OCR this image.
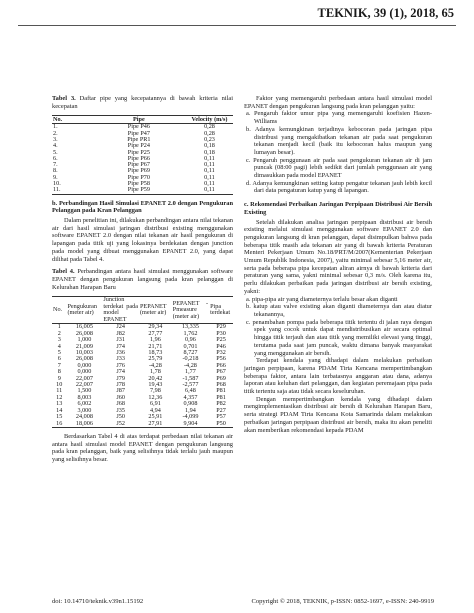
TEKNIK, 39 (1), 2018, 65
Tabel 3. Daftar pipe yang kecepatannya di bawah kriteria nilai kecepatan
No.	Pipe	Velocity (m/s)
1.	Pipe P46	0,28
2.	Pipe P47	0,28
3.	Pipe PR1	0,23
4.	Pipe P24	0,18
5.	Pipe P25	0,18
6.	Pipe P66	0,11
7.	Pipe P67	0,11
8.	Pipe P69	0,11
9.	Pipe P70	0,11
10.	Pipe P58	0,11
11.	Pipe P59	0,11
b. Perbandingan Hasil Simulasi EPANET 2.0 dengan Pengukuran Pelanggan pada Kran Pelanggan

Dalam penelitian ini, dilakukan perbandingan antara nilai tekanan air dari hasil simulasi jaringan distribusi existing menggunakan software EPANET 2.0 dengan nilai tekanan air hasil pengukuran di lapangan pada titik uji yang lokasinya berdekatan dengan junction pada model yang dibuat menggunakan EPANET 2.0, yang dapat dilihat pada Tabel 4.

Tabel 4. Perbandingan antara hasil simulasi menggunakan software EPANET dengan pengukuran langsung pada kran pelanggan di Kelurahan Harapan Baru
No.	Pengukuran (meter air)	Junction terdekat pada model EPANET	PEPANET (meter air)	PEPANET - Pmeasure (meter air)	Pipa terdekat
1	16,005	J24	29,34	13,335	P29
2	26,008	J82	27,77	1,762	P30
3	1,000	J31	1,96	0,96	P25
4	21,009	J74	21,71	0,701	P46
5	10,003	J36	18,73	8,727	P32
6	26,008	J33	25,79	-0,218	P56
7	0,000	J76	-4,28	-4,28	P66
8	0,000	J74	1,78	1,77	P67
9	22,007	J79	20,42	-1,587	P69
10	22,007	J78	19,43	-2,577	P68
11	1,500	J87	7,98	6,48	P81
12	8,003	J60	12,36	4,357	P81
13	6,002	J68	6,91	0,908	P82
14	3,000	J35	4,94	1,94	P27
15	24,008	J50	25,91	-4,099	P57
16	18,006	J52	27,91	9,904	P50

Berdasarkan Tabel 4 di atas terdapat perbedaan nilai tekanan air antara hasil simulasi model EPANET dengan pengukuran langsung pada kran pelanggan, baik yang selisihnya tidak terlalu jauh maupun yang selisihnya besar.

Faktor yang memengaruhi perbedaan antara hasil simulasi model EPANET dengan pengukuran langsung pada kran pelanggan yaitu:

a. Pengaruh faktor umur pipa yang memengaruhi koefisien Hazen-Williams
b. Adanya kemungkinan terjadinya kebocoran pada jaringan pipa distribusi yang mengakibatkan tekanan air pada saat pengukuran tekanan menjadi kecil (baik itu kebocoran halus maupun yang lumayan besar).
c. Pengaruh penggunaan air pada saat pengukuran tekanan air di jam puncak (08:00 pagi) lebih sedikit dari jumlah penggunaan air yang dimasukkan pada model EPANET
d. Adanya kemungkinan setting katup pengatur tekanan jauh lebih kecil dari data pengaturan katup yang di lapangan.
c. Rekomendasi Perbaikan Jaringan Perpipaan Distribusi Air Bersih Existing

Setelah dilakukan analisa jaringan perpipaan distribusi air bersih existing melalui simulasi menggunakan software EPANET 2.0 dan pengukuran langsung di kran pelanggan, dapat disimpulkan bahwa pada beberapa titik masih ada tekanan air yang di bawah kriteria Peraturan Menteri Pekerjaan Umum No.18/PRT/M/2007(Kementerian Pekerjaan Umum Republik Indonesia, 2007), yaitu minimal sebesar 5,16 meter air, serta pada beberapa pipa kecepatan aliran airnya di bawah kriteria dari peraturan yang sama, yakni minimal sebesar 0,3 m/s. Oleh karena itu, perlu dilakukan perbaikan pada jaringan distribusi air bersih existing, yakni:

a. pipa-pipa air yang diameternya terlalu besar akan diganti
b. katup atau valve existing akan diganti diameternya dan atau diatur tekanannya,
c. penambahan pompa pada beberapa titik tertentu di jalan raya dengan spek yang cocok untuk dapat mendistribusikan air secara optimal hingga titik terjauh dan atau titik yang memiliki elevasi yang tinggi, terutama pada saat jam puncak, waktu dimana banyak masyarakat yang menggunakan air bersih.

Terdapat kendala yang dihadapi dalam melakukan perbaikan jaringan perpipaan, karena PDAM Tirta Kencana mempertimbangkan beberapa faktor, antara lain terbatasnya anggaran atau dana, adanya laporan atau keluhan dari pelanggan, dan kegiatan peremajaan pipa pada titik tertentu saja atau tidak secara keseluruhan.

Dengan mempertimbangkan kendala yang dihadapi dalam mengimplementasikan distribusi air bersih di Kelurahan Harapan Baru, serta strategi PDAM Tirta Kencana Kota Samarinda dalam melakukan perbaikan jaringan perpipaan distribusi air bersih, maka itu akan peneliti akan memberikan rekomendasi kepada PDAM

doi: 10.14710/teknik.v39n1.15192	Copyright © 2018, TEKNIK, p-ISSN: 0852-1697, e-ISSN: 240-9919
